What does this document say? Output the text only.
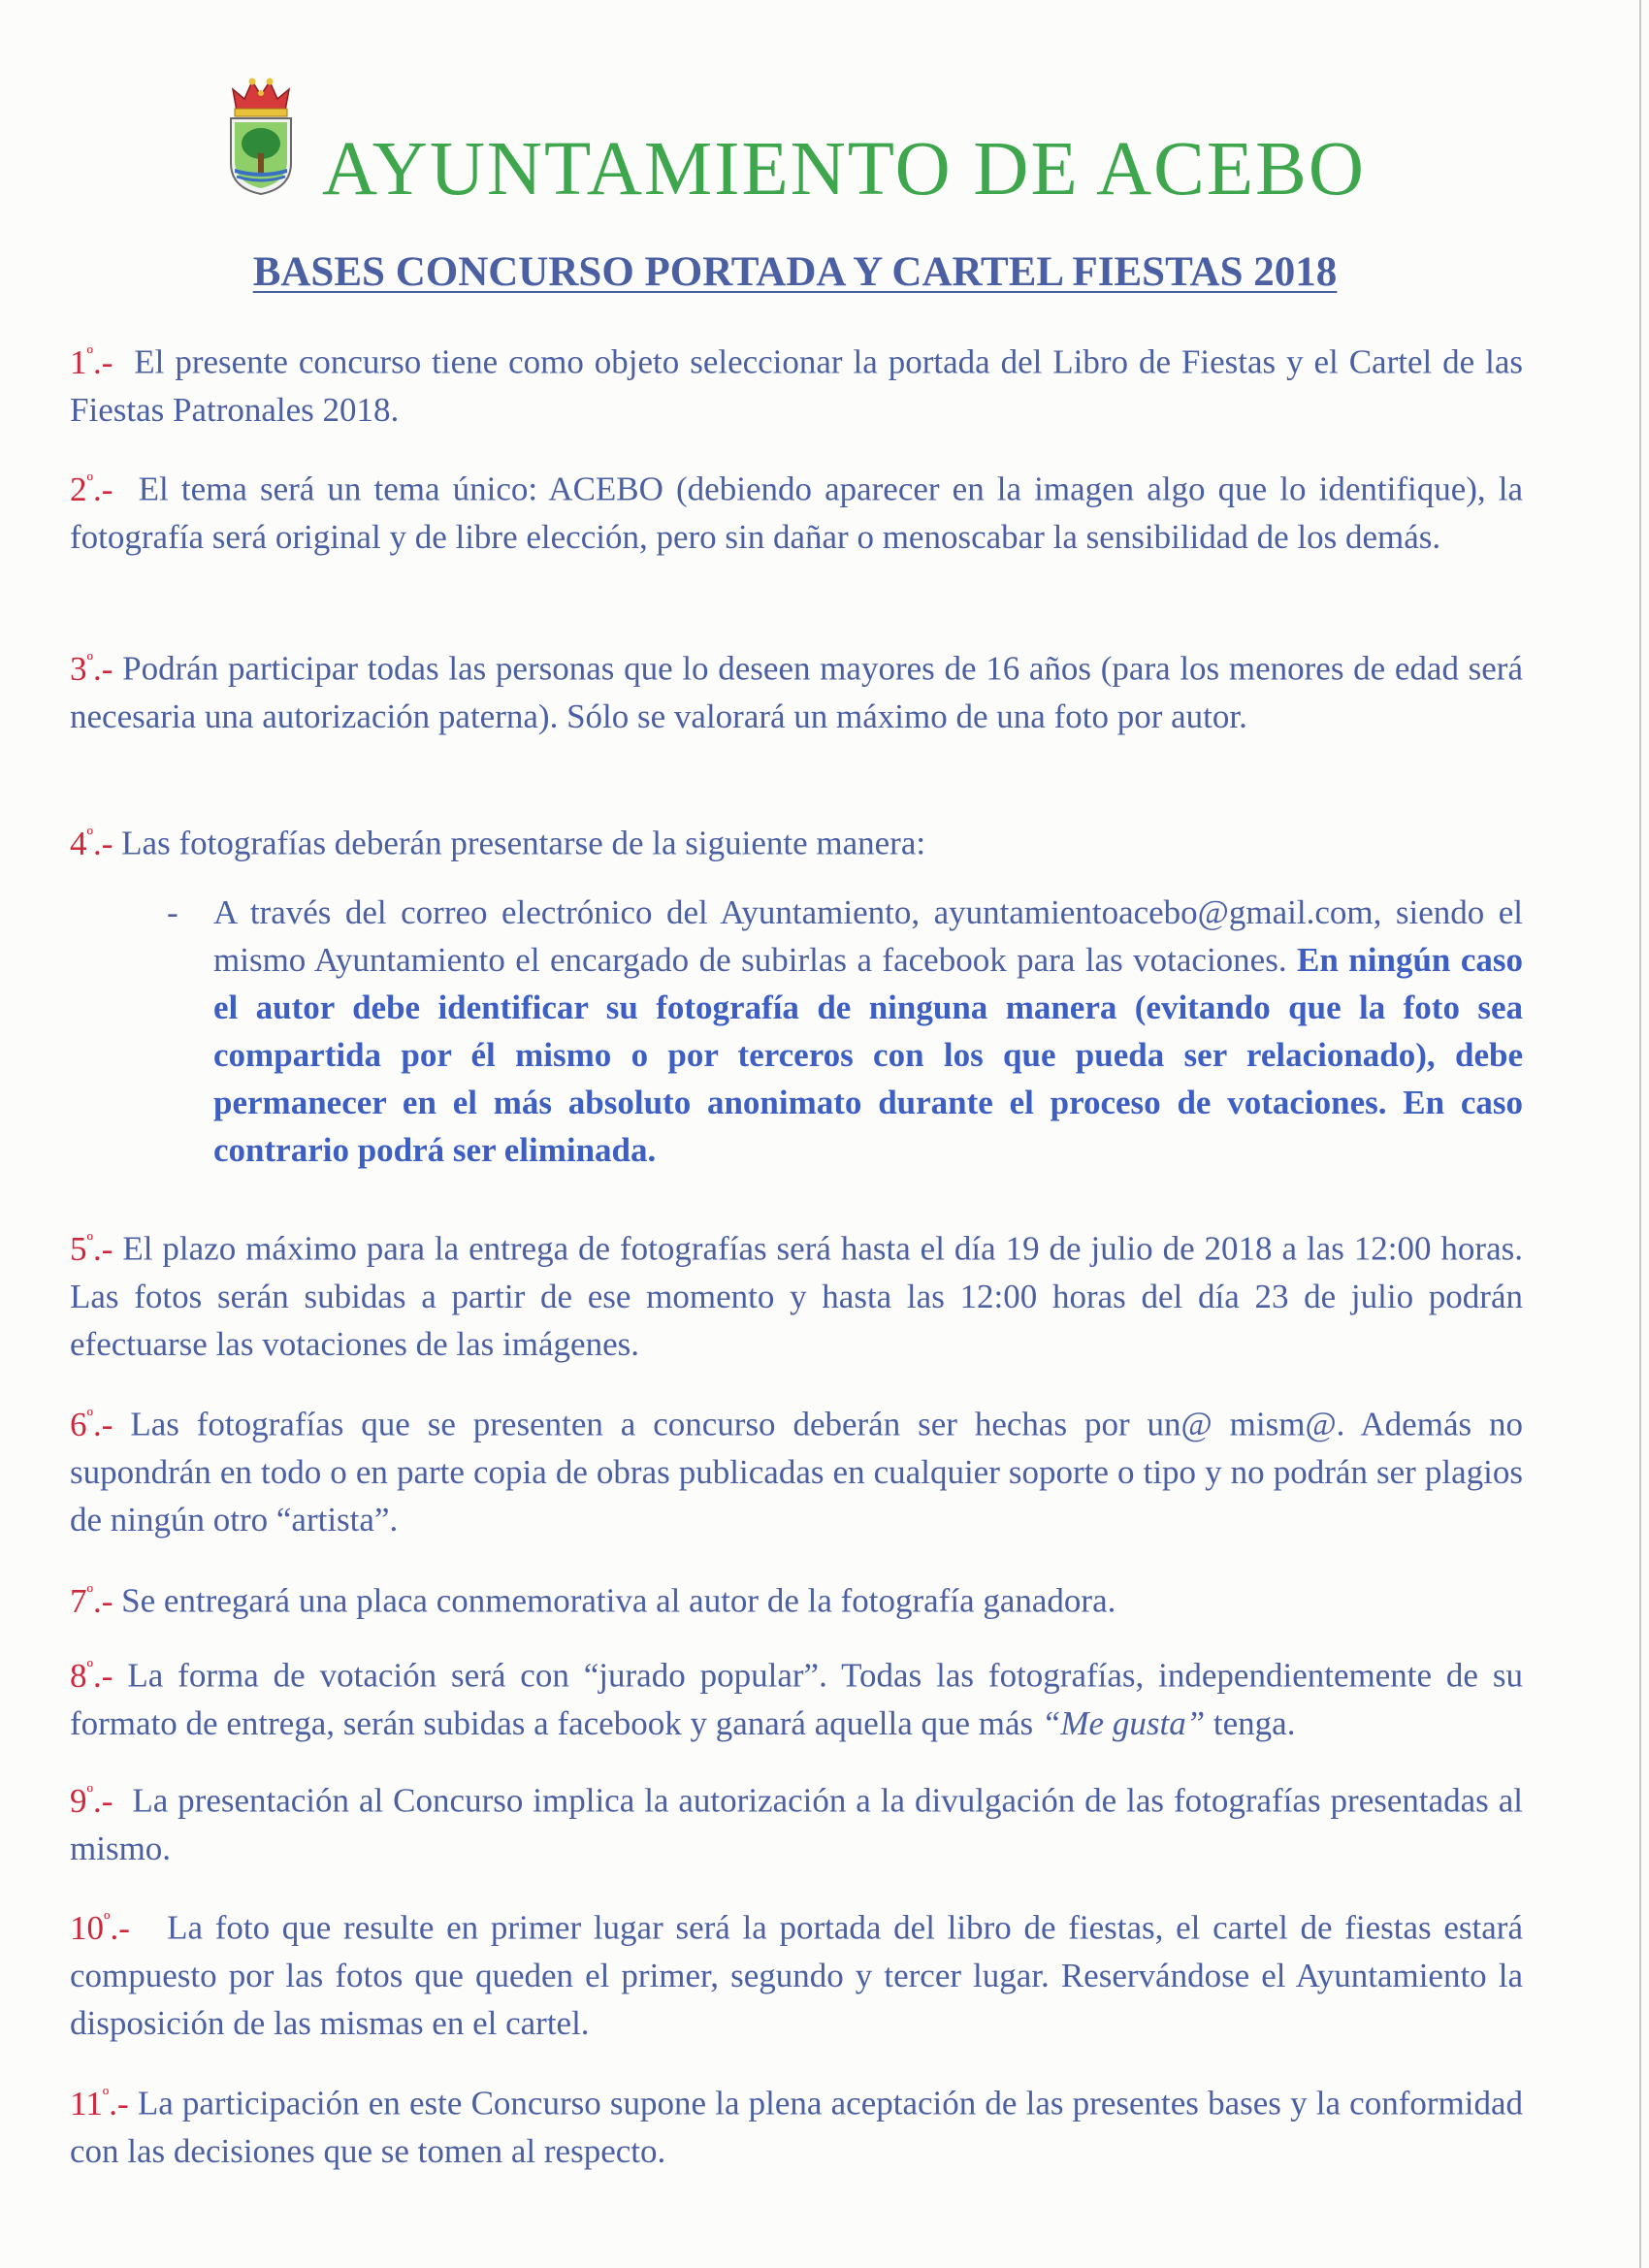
AYUNTAMIENTO DE ACEBO
BASES CONCURSO PORTADA Y CARTEL FIESTAS 2018

$1^º.-$ El presente concurso tiene como objeto seleccionar la portada del Libro de Fiestas y el Cartel de las Fiestas Patronales 2018.

$2^º.-$ El tema será un tema único: ACEBO (debiendo aparecer en la imagen algo que lo identifique), la fotografía será original y de libre elección, pero sin dañar o menoscabar la sensibilidad de los demás.

$3^º.-$ Podrán participar todas las personas que lo deseen mayores de 16 años (para los menores de edad será necesaria una autorización paterna). Sólo se valorará un máximo de una foto por autor.

$4^º.-$ Las fotografías deberán presentarse de la siguiente manera:

- A través del correo electrónico del Ayuntamiento, ayuntamientoacebo@gmail.com, siendo el mismo Ayuntamiento el encargado de subirlas a facebook para las votaciones. En ningún caso el autor debe identificar su fotografía de ninguna manera (evitando que la foto sea compartida por él mismo o por terceros con los que pueda ser relacionado), debe permanecer en el más absoluto anonimato durante el proceso de votaciones. En caso contrario podrá ser eliminada.

$5^º.-$ El plazo máximo para la entrega de fotografías será hasta el día 19 de julio de 2018 a las 12:00 horas. Las fotos serán subidas a partir de ese momento y hasta las 12:00 horas del día 23 de julio podrán efectuarse las votaciones de las imágenes.

$6^º.-$ Las fotografías que se presenten a concurso deberán ser hechas por un@ mism@. Además no supondrán en todo o en parte copia de obras publicadas en cualquier soporte o tipo y no podrán ser plagios de ningún otro “artista”.

$7^º.-$ Se entregará una placa conmemorativa al autor de la fotografía ganadora.

$8^º.-$ La forma de votación será con “jurado popular”. Todas las fotografías, independientemente de su formato de entrega, serán subidas a facebook y ganará aquella que más “Me gusta” tenga.

$9^º.-$ La presentación al Concurso implica la autorización a la divulgación de las fotografías presentadas al mismo.

$10^º.-$ La foto que resulte en primer lugar será la portada del libro de fiestas, el cartel de fiestas estará compuesto por las fotos que queden el primer, segundo y tercer lugar. Reservándose el Ayuntamiento la disposición de las mismas en el cartel.

$11^º.-$ La participación en este Concurso supone la plena aceptación de las presentes bases y la conformidad con las decisiones que se tomen al respecto.
